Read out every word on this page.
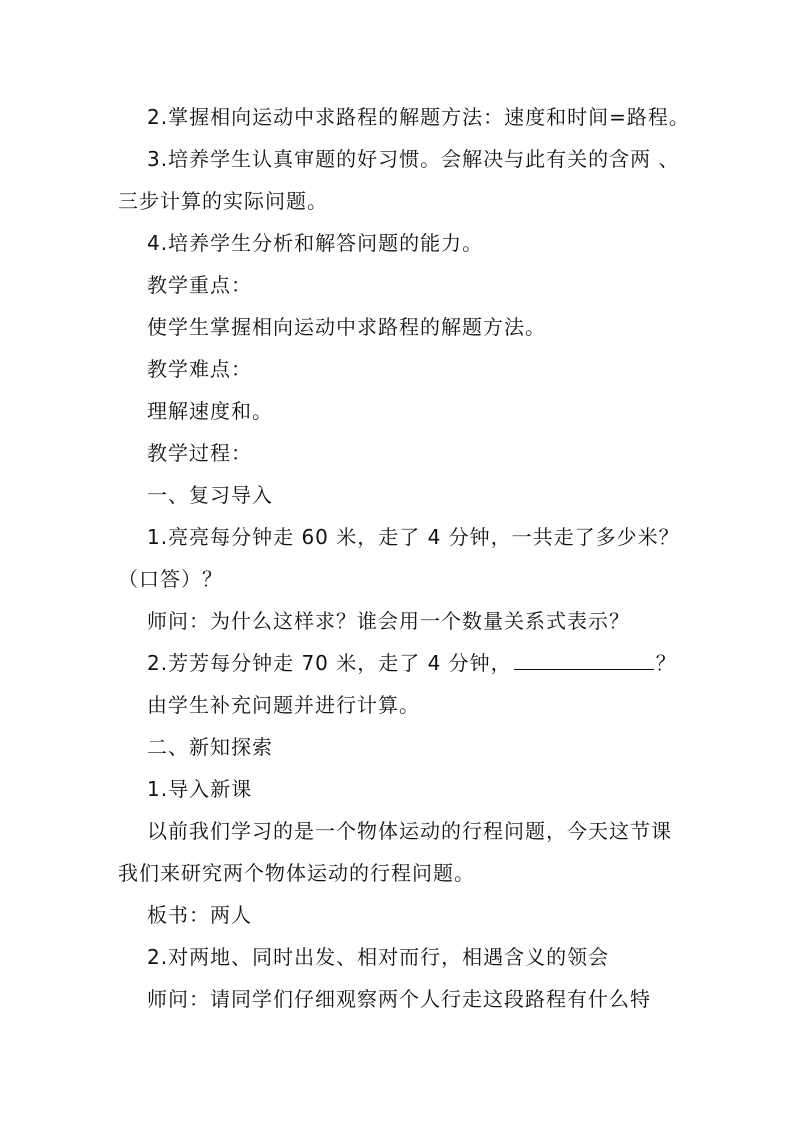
2.掌握相向运动中求路程的解题方法：速度和时间=路程。
3.培养学生认真审题的好习惯。会解决与此有关的含两 、
三步计算的实际问题。
4.培养学生分析和解答问题的能力。
教学重点：
使学生掌握相向运动中求路程的解题方法。
教学难点：
理解速度和。
教学过程：
一、复习导入
1.亮亮每分钟走 60 米，走了 4 分钟，一共走了多少米？
（口答）？
师问：为什么这样求？谁会用一个数量关系式表示？
2.芳芳每分钟走 70 米，走了 4 分钟，	？
由学生补充问题并进行计算。
二、新知探索
1.导入新课
以前我们学习的是一个物体运动的行程问题，今天这节课
我们来研究两个物体运动的行程问题。
板书：两人
2.对两地、同时出发、相对而行，相遇含义的领会
师问：请同学们仔细观察两个人行走这段路程有什么特
